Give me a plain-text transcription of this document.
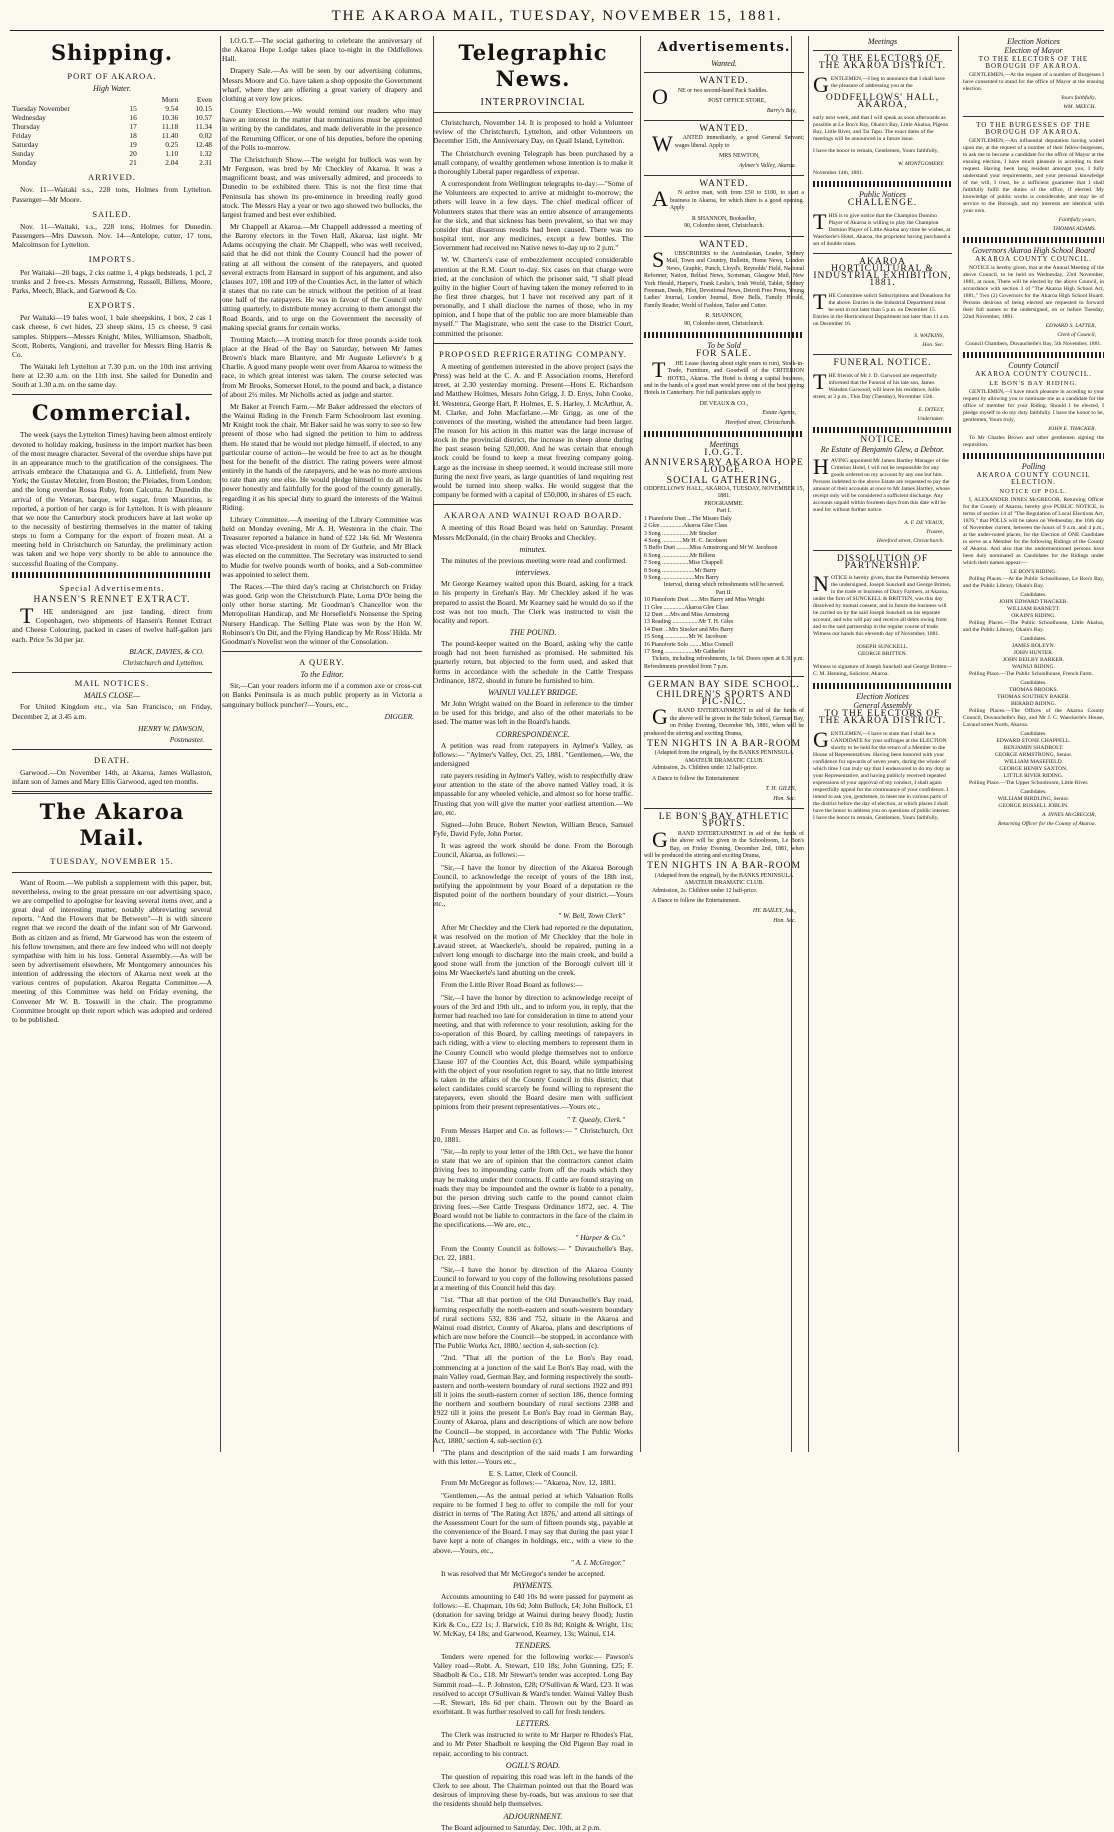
THE AKAROA MAIL, TUESDAY, NOVEMBER 15, 1881.
Shipping.
PORT OF AKAROA.
High Water.
		Morn	Even
Tuesday November	15	9.54	10.15
Wednesday	16	10.36	10.57
Thursday	17	11.18	11.34
Friday	18	11.40	0.02
Saturday	19	0.25	12.48
Sunday	20	1.10	1.32
Monday	21	2.04	2.31
ARRIVED.

Nov. 11—Waitaki s.s., 228 tons, Holmes from Lyttelton. Passenger—Mr Moore.

SAILED.

Nov. 11—Waitaki, s.s., 228 tons, Holmes for Dunedin. Passengers—Mrs Dawson. Nov. 14—Antelope, cutter, 17 tons, Malcolmson for Lyttelton.

IMPORTS.

Per Waitaki—20 bags, 2 cks oatme 1, 4 pkgs bedsteads, 1 pcl, 2 trunks and 2 free-cs. Messrs Armstrong, Russell, Billens, Moore, Parks, Meech, Black, and Garwood & Co.

EXPORTS.

Per Waitaki—19 bales wool, 1 bale sheepskins, 1 box, 2 cas 1 cask cheese, 6 cwt hides, 23 sheep skins, 15 cs cheese, 9 casi samples. Shippers—Messrs Knight, Miles, Williamson, Shadbolt, Scott, Roberts, Vangioni, and traveller for Messrs Bing Harris & Co.

The Waitaki left Lyttelton at 7.30 p.m. on the 10th inst arriving here at 12.30 a.m. on the 11th inst. She sailed for Dunedin and South at 1.30 a.m. on the same day.

Commercial.

The week (says the Lyttelton Times) having been almost entirely devoted to holiday making, business in the import market has been of the most meagre character. Several of the overdue ships have put in an appearance much to the gratification of the consignees. The arrivals embrace the Chatauqua and G. A. Littlefield, from New York; the Gustav Metzler, from Boston; the Pleiades, from London; and the long overdue Rossa Ruby, from Calcutta. At Dunedin the arrival of the Veteran, barque, with sugar, from Mauritius, is reported, a portion of her cargo is for Lyttelton. It is with pleasure that we note the Canterbury stock producers have at last woke up to the necessity of bestirring themselves in the matter of taking steps to form a Company for the export of frozen meat. At a meeting held in Christchurch on Saturday, the preliminary action was taken and we hope very shortly to be able to announce the successful floating of the Company.

Special Advertisements.
HANSEN'S RENNET EXTRACT.

THE undersigned are just landing, direct from Copenhagen, two shipments of Hansen's Rennet Extract and Cheese Colouring, packed in cases of twelve half-gallon jars each. Price 5s 3d per jar.

BLACK, DAVIES, & CO.
Christchurch and Lyttelton.
MAIL NOTICES.
MAILS CLOSE—

For United Kingdom etc., via San Francisco, on Friday, December 2, at 3.45 a.m.

HENRY W. DAWSON,
Postmaster.
DEATH.

Garwood.—On November 14th, at Akaroa, James Wallaston, infant son of James and Mary Ellis Garwood, aged ten months.

The Akaroa Mail.
TUESDAY, NOVEMBER 15.

Want of Room.—We publish a supplement with this paper, but, nevertheless, owing to the great pressure on our advertising space, we are compelled to apologise for leaving several items over, and a great deal of interesting matter, notably abbreviating several reports. "And the Flowers that be Between"—It is with sincere regret that we record the death of the infant son of Mr Garwood. Both as citizen and as friend, Mr Garwood has won the esteem of his fellow townsmen, and there are few indeed who will not deeply sympathise with him in his loss. General Assembly.—As will be seen by advertisement elsewhere, Mr Montgomery announces his intention of addressing the electors of Akaroa next week at the various centres of population. Akaroa Regatta Committee.—A meeting of this Committee was held on Friday evening, the Convener Mr W. B. Tosswill in the chair. The programme Committee brought up their report which was adopted and ordered to be published.

I.O.G.T.—The social gathering to celebrate the anniversary of the Akaroa Hope Lodge takes place to-night in the Oddfellows Hall.

Drapery Sale.—As will be seen by our advertising columns, Messrs Moore and Co. have taken a shop opposite the Government wharf, where they are offering a great variety of drapery and clothing at very low prices.

County Elections.—We would remind our readers who may have an interest in the matter that nominations must be appointed in writing by the candidates, and made deliverable in the presence of the Returning Officer, or one of his deputies, before the opening of the Polls to-morrow.

The Christchurch Show.—The weight for bullock was won by Mr Ferguson, was bred by Mr Checkley of Akaroa. It was a magnificent beast, and was universally admired, and proceeds to Dunedin to be exhibited there. This is not the first time that Peninsula has shown its pre-eminence in breeding really good stock. The Messrs Hay a year or two ago showed two bullocks, the largest framed and best ever exhibited.

Mr Chappell at Akaroa.—Mr Chappell addressed a meeting of the Barony electors in the Town Hall, Akaroa, last night. Mr Adams occupying the chair. Mr Chappell, who was well received, said that he did not think the County Council had the power of rating at all without the consent of the ratepayers, and quoted several extracts from Hansard in support of his argument, and also clauses 107, 108 and 109 of the Counties Act, in the latter of which it states that no rate can be struck without the petition of at least one half of the ratepayers. He was in favour of the Council only sitting quarterly, to distribute money accruing to them amongst the Road Boards, and to urge on the Government the necessity of making special grants for certain works.

Trotting Match.—A trotting match for three pounds a-side took place at the Head of the Bay on Saturday, between Mr James Brown's black mare Blantyre, and Mr Auguste Lelievre's b g Charlie. A good many people went over from Akaroa to witness the race, in which great interest was taken. The course selected was from Mr Brooks, Somerset Hotel, to the pound and back, a distance of about 2½ miles. Mr Nicholls acted as judge and starter.

Mr Baker at French Farm.—Mr Baker addressed the electors of the Wainui Riding in the French Farm Schoolroom last evening. Mr Knight took the chair. Mr Baker said he was sorry to see so few present of those who had signed the petition to him to address them. He stated that he would not pledge himself, if elected, to any particular course of action—he would be free to act as he thought best for the benefit of the district. The rating powers were almost entirely in the hands of the ratepayers, and he was no more anxious to rate than any one else. He would pledge himself to do all in his power honestly and faithfully for the good of the county generally, regarding it as his special duty to guard the interests of the Wainui Riding.

Library Committee.—A meeting of the Library Committee was held on Monday evening, Mr A. H. Westenra in the chair. The Treasurer reported a balance in hand of £22 14s 6d. Mr Westenra was elected Vice-president in room of Dr Guthrie, and Mr Black was elected on the committee. The Secretary was instructed to send to Mudie for twelve pounds worth of books, and a Sub-committee was appointed to select them.

The Races.—The third day's racing at Christchurch on Friday was good. Grip won the Christchurch Plate, Lorna D'Or being the only other horse starting. Mr Goodman's Chancellor won the Metropolitan Handicap, and Mr Horsefield's Nonsense the Spring Nursery Handicap. The Selling Plate was won by the Hon W. Robinson's On Dit, and the Flying Handicap by Mr Ross' Hilda. Mr Goodman's Novelist won the winner of the Consolation.

A QUERY.
To the Editor.

Sir,—Can your readers inform me if a common axe or cross-cut on Banks Peninsula is as much public property as in Victoria a sanguinary bullock puncher?—Yours, etc.,

DIGGER.
Telegraphic News.
INTERPROVINCIAL

Christchurch, November 14. It is proposed to hold a Volunteer review of the Christchurch, Lyttelton, and other Volunteers on December 15th, the Anniversary Day, on Quail Island, Lyttelton.

The Christchurch evening Telegraph has been purchased by a small company, of wealthy gentlemen whose intention is to make it a thoroughly Liberal paper regardless of expense.

A correspondent from Wellington telegraphs to-day:—"Some of the Volunteers are expected to arrive at midnight to-morrow; the others will leave in a few days. The chief medical officer of Volunteers states that there was an entire absence of arrangements for the sick, and that sickness has been prevalent, so that we may consider that disastrous results had been caused. There was no hospital tent, nor any medicines, except a few bottles. The Government had received no Native news to-day up to 2 p.m."

W. W. Charters's case of embezzlement occupied considerable attention at the R.M. Court to-day. Six cases on that charge were tried, at the conclusion of which the prisoner said, "I shall plead guilty in the higher Court of having taken the money referred to in the first three charges, but I have not received any part of it personally, and I shall disclose the names of those, who in my opinion, and I hope that of the public too are more blameable than myself." The Magistrate, who sent the case to the District Court, committed the prisoner.

PROPOSED REFRIGERATING COMPANY.

A meeting of gentlemen interested in the above project (says the Press) was held at the C. A. and P. Association rooms, Hereford street, at 2.30 yesterday morning. Present—Hons E. Richardson and Matthew Holmes, Messrs John Grigg, J. D. Enys, John Cooke, H. Westenra, George Hart, P. Holmes, E. S. Harley, J. McArthur, A. M. Clarke, and John Macfarlane.—Mr Grigg, as one of the convenors of the meeting, wished the attendance had been larger. The reason for his action in this matter was the large increase of stock in the provincial district, the increase in sheep alone during the past season being 520,000. And he was certain that enough stock could be found to keep a meat freezing company going. Large as the increase in sheep seemed, it would increase still more during the next five years, as large quantities of land requiring rest would be turned into sheep walks. He would suggest that the company be formed with a capital of £50,000, in shares of £5 each.

AKAROA AND WAINUI ROAD BOARD.

A meeting of this Road Board was held on Saturday. Present Messrs McDonald, (in the chair) Brooks and Checkley.

minutes.

The minutes of the previous meeting were read and confirmed.

interviews.

Mr George Kearney waited upon this Board, asking for a track to his property in Grehan's Bay. Mr Checkley asked if he was prepared to assist the Board. Mr Kearney said he would do so if the cost was not too much. The Clerk was instructed to visit the locality and report.

THE POUND.

The pound-keeper waited on the Board, asking why the cattle trough had not been furnished as promised. He submitted his quarterly return, but objected to the form used, and asked that forms in accordance with the schedule in the Cattle Trespass Ordinance, 1872, should in future be furnished to him.

WAINUI VALLEY BRIDGE.

Mr John Wright waited on the Board in reference to the timber to be used for this bridge, and also of the other materials to be used. The matter was left in the Board's hands.

CORRESPONDENCE.

A petition was read from ratepayers in Aylmer's Valley, as follows:— "Aylmer's Valley, Oct. 25, 1881. "Gentlemen,—We, the undersigned

rate payers residing in Aylmer's Valley, wish to respectfully draw your attention to the state of the above named Valley road, it is impassable for any wheeled vehicle, and almost so for horse traffic. Trusting that you will give the matter your earliest attention.—We are, etc.

Signed—John Bruce, Robert Newton, William Bruce, Samuel Fyfe, David Fyfe, John Porter.

It was agreed the work should be done. From the Borough Council, Akaroa, as follows:—

"Sir,—I have the honor by direction of the Akaroa Borough Council, to acknowledge the receipt of yours of the 18th inst, notifying the appointment by your Board of a deputation re the disputed point of the northern boundary of your district.—Yours etc.,

" W. Bell, Town Clerk"

After Mr Checkley and the Clerk had reported re the deputation, it was resolved on the motion of Mr Checkley that the hole in Lavaud street, at Waeckerle's, should be repaired, putting in a culvert long enough to discharge into the main creek, and build a good stone wall from the junction of the Borough culvert till it joins Mr Waeckerle's land abutting on the creek.

From the Little River Road Board as follows:—

"Sir,—I have the honor by direction to acknowledge receipt of yours of the 3rd and 19th ult., and to inform you, in reply, that the former had reached too late for consideration in time to attend your meeting, and that with reference to your resolution, asking for the co-operation of this Board, by calling meetings of ratepayers in each riding, with a view to electing members to represent them in the County Council who would pledge themselves not to enforce Clause 107 of the Counties Act, this Board, while sympathising with the object of your resolution regret to say, that no little interest is taken in the affairs of the County Council in this district, that select candidates could scarcely be found willing to represent the ratepayers, even should the Board desire men with sufficient opinions from their present representatives.—Yours etc.,

" T. Quealy, Clerk."

From Messrs Harper and Co. as follows:— " Christchurch, Oct 20, 1881.

"Sir,—In reply to your letter of the 18th Oct., we have the honor to state that we are of opinion that the contractors cannot claim driving fees to impounding cattle from off the roads which they may be making under their contracts. If cattle are found straying on roads they may be impounded and the owner is liable to a penalty, but the person driving such cattle to the pound cannot claim driving fees.—See Cattle Trespass Ordinance 1872, sec. 4. The Board would not be liable to contractors in the face of the claim in the specifications.—We are, etc.,

" Harper & Co."

From the County Council as follows:— " Duvauchelle's Bay, Oct. 22, 1881.

"Sir,—I have the honor by direction of the Akaroa County Council to forward to you copy of the following resolutions passed at a meeting of this Council held this day.

"1st. "That all that portion of the Old Duvauchelle's Bay road, forming respectfully the north-eastern and south-western boundary of rural sections 532, 836 and 752, situate in the Akaroa and Wainui road district, County of Akaroa, plans and descriptions of which are now before the Council—be stopped, in accordance with 'The Public Works Act, 1880,' section 4, sub-section (c).

"2nd. "That all the portion of the Le Bon's Bay road, commencing at a junction of the said Le Bon's Bay road, with the main Valley road, German Bay, and forming respectively the south-eastern and north-western boundary of rural sections 1922 and 891 till it joins the south-eastern corner of section 186, thence forming the northern and southern boundary of rural sections 2388 and 1922 till it joins the present Le Bon's Bay road in German Bay, County of Akaroa, plans and descriptions of which are now before the Council—be stopped, in accordance with 'The Public Works Act, 1880,' section 4, sub-section (c).

"The plans and description of the said roads I am forwarding with this letter.—Yours etc.,

E. S. Latter, Clerk of Council.

From Mr McGregor as follows:— "Akaroa, Nov. 12, 1881.

"Gentlemen,—As the annual period at which Valuation Rolls require to be formed I beg to offer to compile the roll for your district in terms of 'The Rating Act 1876,' and attend all sittings of the Assessment Court for the sum of fifteen pounds stg., payable at the convenience of the Board. I may say that during the past year I have kept a note of changes in holdings, etc., with a view to the above.—Yours, etc.,

" A. I. McGregor."

It was resolved that Mr McGregor's tender be accepted.

PAYMENTS.

Accounts amounting to £40 10s 8d were passed for payment as follows:—E. Chapman, 10s 6d; John Bullock, £4; John Bullock, £1 (donation for saving bridge at Wainui during heavy flood); Justin Kirk & Co., £22 1s; J. Barwick, £10 8s 8d; Knight & Wright, 11s; W. McKay, £4 18s; and Garwood, Kearney, 13s; Wainui, £14.

TENDERS.

Tenders were opened for the following works:— Pawson's Valley road—Robt. A. Stewart, £10 18s; John Gunning, £25; F. Shadbolt & Co., £18. Mr Stewart's tender was accepted. Long Bay Summit road—L. P. Johnston, £28; O'Sullivan & Ward, £23. It was resolved to accept O'Sullivan & Ward's tender. Wainui Valley Bush—R. Stewart, 18s 6d per chain. Thrown out by the Board as exorbitant. It was further resolved to call for fresh tenders.

LETTERS.

The Clerk was instructed to write to Mr Harper re Rhodes's Flat, and to Mr Peter Shadbolt re keeping the Old Pigeon Bay road in repair, according to his contract.

OGILL'S ROAD.

The question of repairing this road was left in the hands of the Clerk to see about. The Chairman pointed out that the Board was desirous of improving these by-roads, but was anxious to see that the residents should help themselves.

ADJOURNMENT.

The Board adjourned to Saturday, Dec. 10th, at 2 p.m.

Advertisements.
Wanted.
WANTED.

ONE or two second-hand Pack Saddles.

POST OFFICE STORE,
Barry's Bay,
WANTED.

WANTED immediately, a good General Servant; wages liberal. Apply to

MRS NEWTON,
Aylmer's Valley, Akaroa.
WANTED.

AN active man, with from £50 to £100, to start a business in Akaroa, for which there is a good opening. Apply

R SHANNON, Bookseller,
90, Colombo street, Christchurch.
WANTED.

SUBSCRIBERS to the Australasian, Leader, Sydney Mail, Town and Country, Bulletin, Home News, London News, Graphic, Punch, Lloyd's, Reynolds' Field, National Reformer, Nation, Belfast News, Scotsman, Glasgow Mail, New York Herald, Harper's, Frank Leslie's, Irish World, Tablet, Sydney Freeman, Deeds, Pilot, Devotional News, Detroit Free Press, Young Ladies' Journal, London Journal, Bow Bells, Family Herald, Family Reader, World of Fashion, Tailor and Cutter.

R. SHANNON,
90, Colombo street, Christchurch.
To be Sold
FOR SALE.

THE Lease (having about eight years to run), Stock-in-Trade, Furniture, and Goodwill of the CRITERION HOTEL, Akaroa. The Hotel is doing a capital business, and in the hands of a good man would prove one of the best paying Hotels in Canterbury. For full particulars apply to

DE VEAUX & CO.,
Estate Agents,
Hereford street, Christchurch.
Meetings
I.O.G.T.
ANNIVERSARY AKAROA HOPE LODGE.
SOCIAL GATHERING,
ODDFELLOWS' HALL, AKAROA, TUESDAY, NOVEMBER 15, 1881.
PROGRAMME.
Part I.
1 Pianoforte Duet ...The Misses Daly
2 Glee ...............Akaroa Glee Class
3 Song ...................Mr Stucker
4 Song ..............Mr H. C. Jacobson
5 Buffo Duet .........Miss Armstrong and Mr W. Jacobson
6 Song ...................Mr Billens
7 Song ..................Miss Chappell
8 Song ......................Mr Barry
9 Song ......................Mrs Barry
Interval, during which refreshments will be served.
Part II.
10 Pianoforte Duet ......Mrs Barry and Miss Wright
11 Glee ..............Akaroa Glee Class
12 Duet ....Mrs and Miss Armstrong
13 Reading ..................Mr T. H. Giles
14 Duet ...Mrs Stucker and Mrs Barry
15 Song ................Mr W. Jacobson
16 Pianoforte Solo ........Miss Connell
17 Song ....................Mr Gatherlet

Tickets, including refreshments, 1s 6d. Doors open at 6.30 p.m. Refreshments provided from 7 p.m.

GERMAN BAY SIDE SCHOOL.
CHILDREN'S SPORTS AND PIC-NIC.

GRAND ENTERTAINMENT in aid of the funds of the above will be given in the Side School, German Bay, on Friday Evening, December 9th, 1881, when will be produced the stirring and exciting Drama,

TEN NIGHTS IN A BAR-ROOM
(Adapted from the original), by the BANKS PENINSULA AMATEUR DRAMATIC CLUB.

Admission, 2s. Children under 12 half-price.

A Dance to follow the Entertainment

T. H. GILES,
Hon. Sec.
LE BON'S BAY ATHLETIC SPORTS.

GRAND ENTERTAINMENT in aid of the funds of the above will be given in the Schoolroom, Le Bon's Bay, on Friday Evening, December 2nd, 1881, when will be produced the stirring and exciting Drama,

TEN NIGHTS IN A BAR-ROOM
(Adapted from the original), by the BANKS PENINSULA AMATEUR DRAMATIC CLUB.

Admission, 2s. Children under 12 half-price.

A Dance to follow the Entertainment.

HY. BAILEY, Jun.,
Hon. Sec.
Election Notices
Election of Mayor
TO THE ELECTORS OF THE BOROUGH OF AKAROA.

GENTLEMEN,—At the request of a number of Burgesses I have consented to stand for the office of Mayor at the ensuing election.

Yours faithfully,
WM. MEECH.
TO THE BURGESSES OF THE BOROUGH OF AKAROA.

GENTLEMEN,—An influential deputation having waited upon me, at the request of a number of their fellow-burgesses, to ask me to become a candidate for the office of Mayor at the ensuing election, I have much pleasure in acceding to their request. Having been long resident amongst you, I fully understand your requirements, and your personal knowledge of me will, I trust, be a sufficient guarantee that I shall faithfully fulfil the duties of the office, if elected. My knowledge of public works is considerable, and may be of service to the Borough, and my interests are identical with your own.

Faithfully yours,
THOMAS ADAMS.
Governors Akaroa High School Board
AKAROA COUNTY COUNCIL.

NOTICE is hereby given, that at the Annual Meeting of the above Council, to be held on Wednesday, 23rd November, 1881, at noon, There will be elected by the above Council, in accordance with section 3 of "The Akaroa High School Act, 1881," Two (2) Governors for the Akaroa High School Board. Persons desirous of being elected are requested to forward their full names to the undersigned, on or before Tuesday, 22nd November, 1881.

EDWARD S. LATTER,
Clerk of Council,
Council Chambers, Duvauchelle's Bay, 5th November, 1881.
County Council
AKAROA COUNTY COUNCIL.
LE BON'S BAY RIDING.

GENTLEMEN,—I have much pleasure in acceding to your request by allowing you to nominate me as a candidate for the office of member for your Riding. Should I be elected, I pledge myself to do my duty faithfully. I have the honor to be, gentlemen, Yours truly,

JOHN E. THACKER.

To Mr Charles Brown and other gentlemen signing the requisition.

Polling
AKAROA COUNTY COUNCIL ELECTION.
NOTICE OF POLL.

I, ALEXANDER INNES McGREGOR, Returning Officer for the County of Akaroa, hereby give PUBLIC NOTICE, in terms of section 14 of "The Regulation of Local Elections Act, 1876," that POLLS will be taken on Wednesday, the 16th day of November current, between the hours of 9 a.m. and 4 p.m., at the under-noted places, for the Election of ONE Candidate to serve as a Member for the following Ridings of the County of Akaroa. And also that the undermentioned persons have been duly nominated as Candidates for the Ridings under which their names appear:—

LE BON'S RIDING.

Polling Places.—At the Public Schoolhouse, Le Bon's Bay, and the Public Library, Okain's Bay.

Candidates.
JOHN EDWARD THACKER.
WILLIAM BARNETT.
OKAIN'S RIDING.

Polling Places.—The Public Schoolhouse, Little Akaloa, and the Public Library, Okain's Bay.

Candidates.
JAMES BOLEYN.
JOHN HUNTER.
JOHN BEILBY BARKER.
WAINUI RIDING.

Polling Place.—The Public Schoolhouse, French Farm.

Candidates.
THOMAS BROOKS.
THOMAS SOUTHEY BAKER.
BERARD RIDING.

Polling Places.—The Offices of the Akaroa County Council, Duvauchelle's Bay, and Mr J. C. Waeckerle's House, Lavaud street North, Akaroa.

Candidates.
EDWARD STONE CHAPPELL.
BENJAMIN SHADBOLT.
GEORGE ARMSTRONG, Senior.
WILLIAM MASEFIELD.
GEORGE HENRY SAXTON.
LITTLE RIVER RIDING.

Polling Place.—The Upper Schoolroom, Little River.

Candidates.
WILLIAM BIRDLING, Senior.
GEORGE RUSSELL JOBLIN.
A. INNES McGREGOR,
Returning Officer for the County of Akaroa.
Meetings
TO THE ELECTORS OF THE AKAROA DISTRICT.

GENTLEMEN,—I beg to announce that I shall have the pleasure of addressing you at the

ODDFELLOWS' HALL, AKAROA,

early next week, and that I will speak as soon afterwards as possible at Le Bon's Bay, Okain's Bay, Little Akaloa, Pigeon Bay, Little River, and Tai Tapu. The exact dates of the meetings will be announced in a future issue.

I have the honor to remain, Gentlemen, Yours faithfully,

W. MONTGOMERY.
November 14th, 1881.
Public Notices
CHALLENGE.

THIS is to give notice that the Champion Domino Player of Akaroa is willing to play the Champion Domino Player of Little Akaloa any time he wishes, at Waeckerle's Hotel, Akaroa, the proprietor having purchased a set of double nines.

AKAROA HORTICULTURAL & INDUSTRIAL EXHIBITION, 1881.

THE Committee solicit Subscriptions and Donations for the above. Entries in the Industrial Department must be sent in not later than 5 p.m. on December 15. Entries in the Horticultural Department not later than 11 a.m. on December 16.

S. WATKINS,
Hon. Sec.
FUNERAL NOTICE.

THE friends of Mr J. D. Garwood are respectfully informed that the Funeral of his late son, James Walsden Garwood, will leave his residence, Jollie street, at 3 p.m., This Day (Tuesday), November 15th.

E. DITELY,
Undertaker.
NOTICE.
Re Estate of Benjamin Glew, a Debtor.

HAVING appointed Mr James Hartley Manager of the Criterion Hotel, I will not be responsible for any goods ordered on my account by any one but him. Persons indebted to the above Estate are requested to pay the amount of their accounts at once to Mr James Hartley, whose receipt only will be considered a sufficient discharge. Any accounts unpaid within fourteen days from this date will be sued for without further notice.

A. F. DE VEAUX,
Trustee,
Hereford street, Christchurch.
DISSOLUTION OF PARTNERSHIP.

NOTICE is hereby given, that the Partnership between the undersigned, Joseph Sunckell and George Britten, in the trade or business of Dairy Farmers, at Akaroa, under the firm of SUNCKELL & BRITTEN, was this day dissolved by mutual consent, and in future the business will be carried on by the said Joseph Sunckell on his separate account, and who will pay and receive all debts owing from and to the said partnership in the regular course of trade. Witness our hands this eleventh day of November, 1881.

JOSEPH SUNCKELL.
GEORGE BRITTEN.

Witness to signature of Joseph Sunckell and George Britten— C. M. Henning, Solicitor, Akaroa.

Election Notices
General Assembly
TO THE ELECTORS OF THE AKAROA DISTRICT.

GENTLEMEN,—I have to state that I shall be a CANDIDATE for your suffrages at the ELECTION shortly to be held for the return of a Member to the House of Representatives. Having been honored with your confidence for upwards of seven years, during the whole of which time I can truly say that I endeavored to do my duty as your Representative, and having publicly received repeated expressions of your approval of my conduct, I shall again respectfully appeal for the continuance of your confidence. I intend to ask you, gentlemen, to meet me in various parts of the district before the day of election, at which places I shall have the honor to address you on questions of public interest. I have the honor to remain, Gentlemen, Yours faithfully,
